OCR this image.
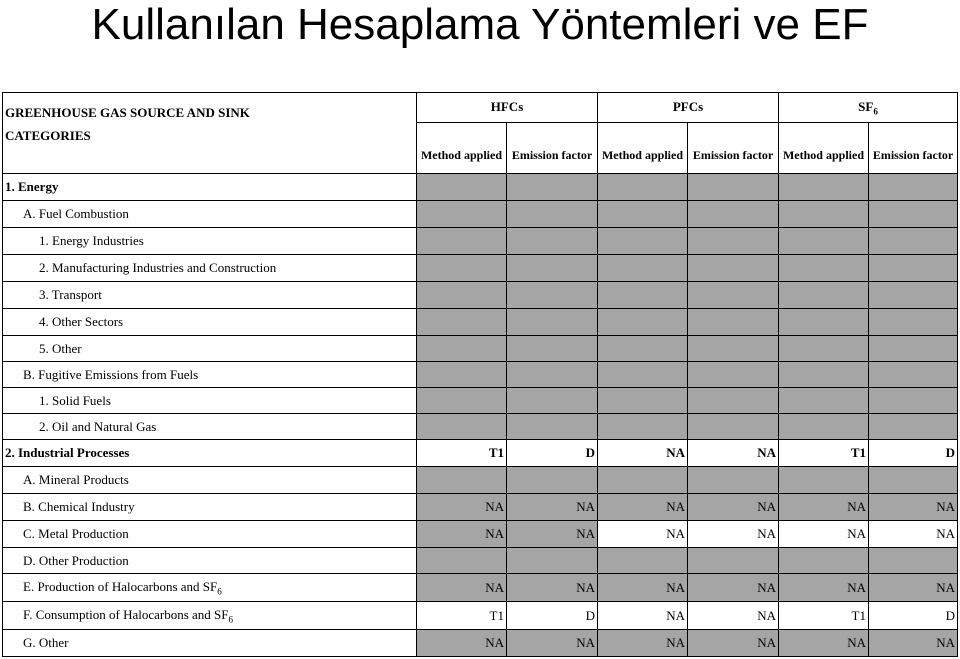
Kullanılan Hesaplama Yöntemleri ve EF
GREENHOUSE GAS SOURCE AND SINK
CATEGORIES	HFCs		PFCs		$SF_6$
	Method applied	Emission factor	Method applied	Emission factor	Method applied	Emission factor
1. Energy						
A. Fuel Combustion						
1. Energy Industries						
2. Manufacturing Industries and Construction						
3. Transport						
4. Other Sectors						
5. Other						
B. Fugitive Emissions from Fuels						
1. Solid Fuels						
2. Oil and Natural Gas						
2. Industrial Processes	T1	D	NA	NA	T1	D
A. Mineral Products						
B. Chemical Industry	NA	NA	NA	NA	NA	NA
C. Metal Production	NA	NA	NA	NA	NA	NA
D. Other Production						
E. Production of Halocarbons and $SF_6$	NA	NA	NA	NA	NA	NA
F. Consumption of Halocarbons and $SF_6$	T1	D	NA	NA	T1	D
G. Other	NA	NA	NA	NA	NA	NA
